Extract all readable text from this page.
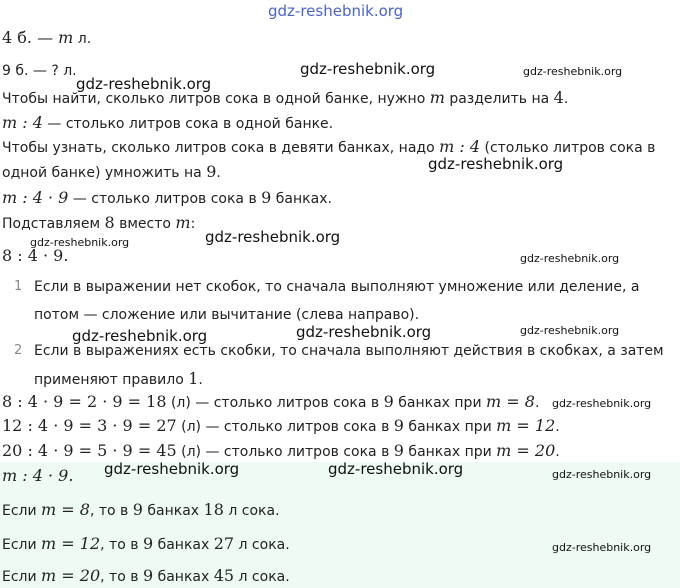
gdz-reshebnik.org
4 б. — m л.
9 б. — ? л.
Чтобы найти, сколько литров сока в одной банке, нужно m разделить на 4.
m : 4 — столько литров сока в одной банке.
Чтобы узнать, сколько литров сока в девяти банках, надо m : 4 (столько литров сока в
одной банке) умножить на 9.
m : 4 · 9 — столько литров сока в 9 банках.
Подставляем 8 вместо m:
8 : 4 · 9.
1 Если в выражении нет скобок, то сначала выполняют умножение или деление, а
потом — сложение или вычитание (слева направо).
2 Если в выражениях есть скобки, то сначала выполняют действия в скобках, а затем
применяют правило 1.
8 : 4 · 9 = 2 · 9 = 18 (л) — столько литров сока в 9 банках при m = 8.
12 : 4 · 9 = 3 · 9 = 27 (л) — столько литров сока в 9 банках при m = 12.
20 : 4 · 9 = 5 · 9 = 45 (л) — столько литров сока в 9 банках при m = 20.
m : 4 · 9.
Если m = 8, то в 9 банках 18 л сока.
Если m = 12, то в 9 банках 27 л сока.
Если m = 20, то в 9 банках 45 л сока.
gdz-reshebnik.org
gdz-reshebnik.org	gdz-reshebnik.org
gdz-reshebnik.org
gdz-reshebnik.org	gdz-reshebnik.org
gdz-reshebnik.org
gdz-reshebnik.org	gdz-reshebnik.org	gdz-reshebnik.org
gdz-reshebnik.org
gdz-reshebnik.org	gdz-reshebnik.org	gdz-reshebnik.org
gdz-reshebnik.org
